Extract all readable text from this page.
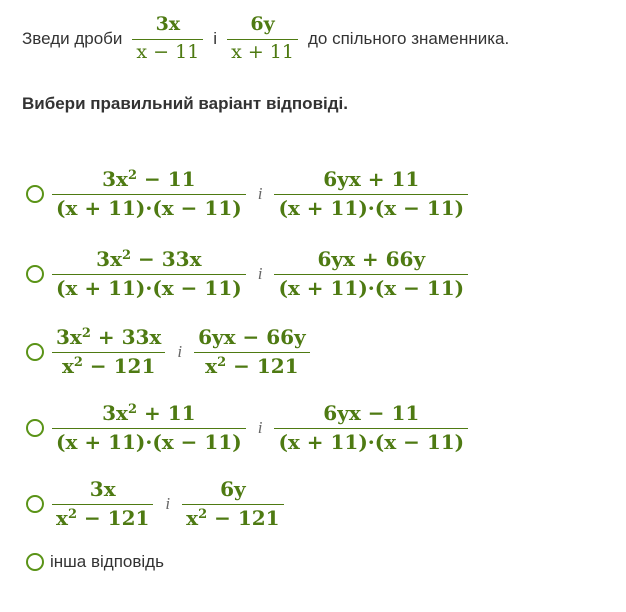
Зведи дроби $\frac{3x}{x - 11}$ і $\frac{6y}{x + 11}$ до спільного знаменника.
Вибери правильний варіант відповіді.
$\frac{3x^2 - 11}{(x + 11)\cdot(x - 11)}$ і $\frac{6yx + 11}{(x + 11)\cdot(x - 11)}$
$\frac{3x^2 - 33x}{(x + 11)\cdot(x - 11)}$ і $\frac{6yx + 66y}{(x + 11)\cdot(x - 11)}$
$\frac{3x^2 + 33x}{x^2 - 121}$ і $\frac{6yx - 66y}{x^2 - 121}$
$\frac{3x^2 + 11}{(x + 11)\cdot(x - 11)}$ і $\frac{6yx - 11}{(x + 11)\cdot(x - 11)}$
$\frac{3x}{x^2 - 121}$ і $\frac{6y}{x^2 - 121}$
інша відповідь
